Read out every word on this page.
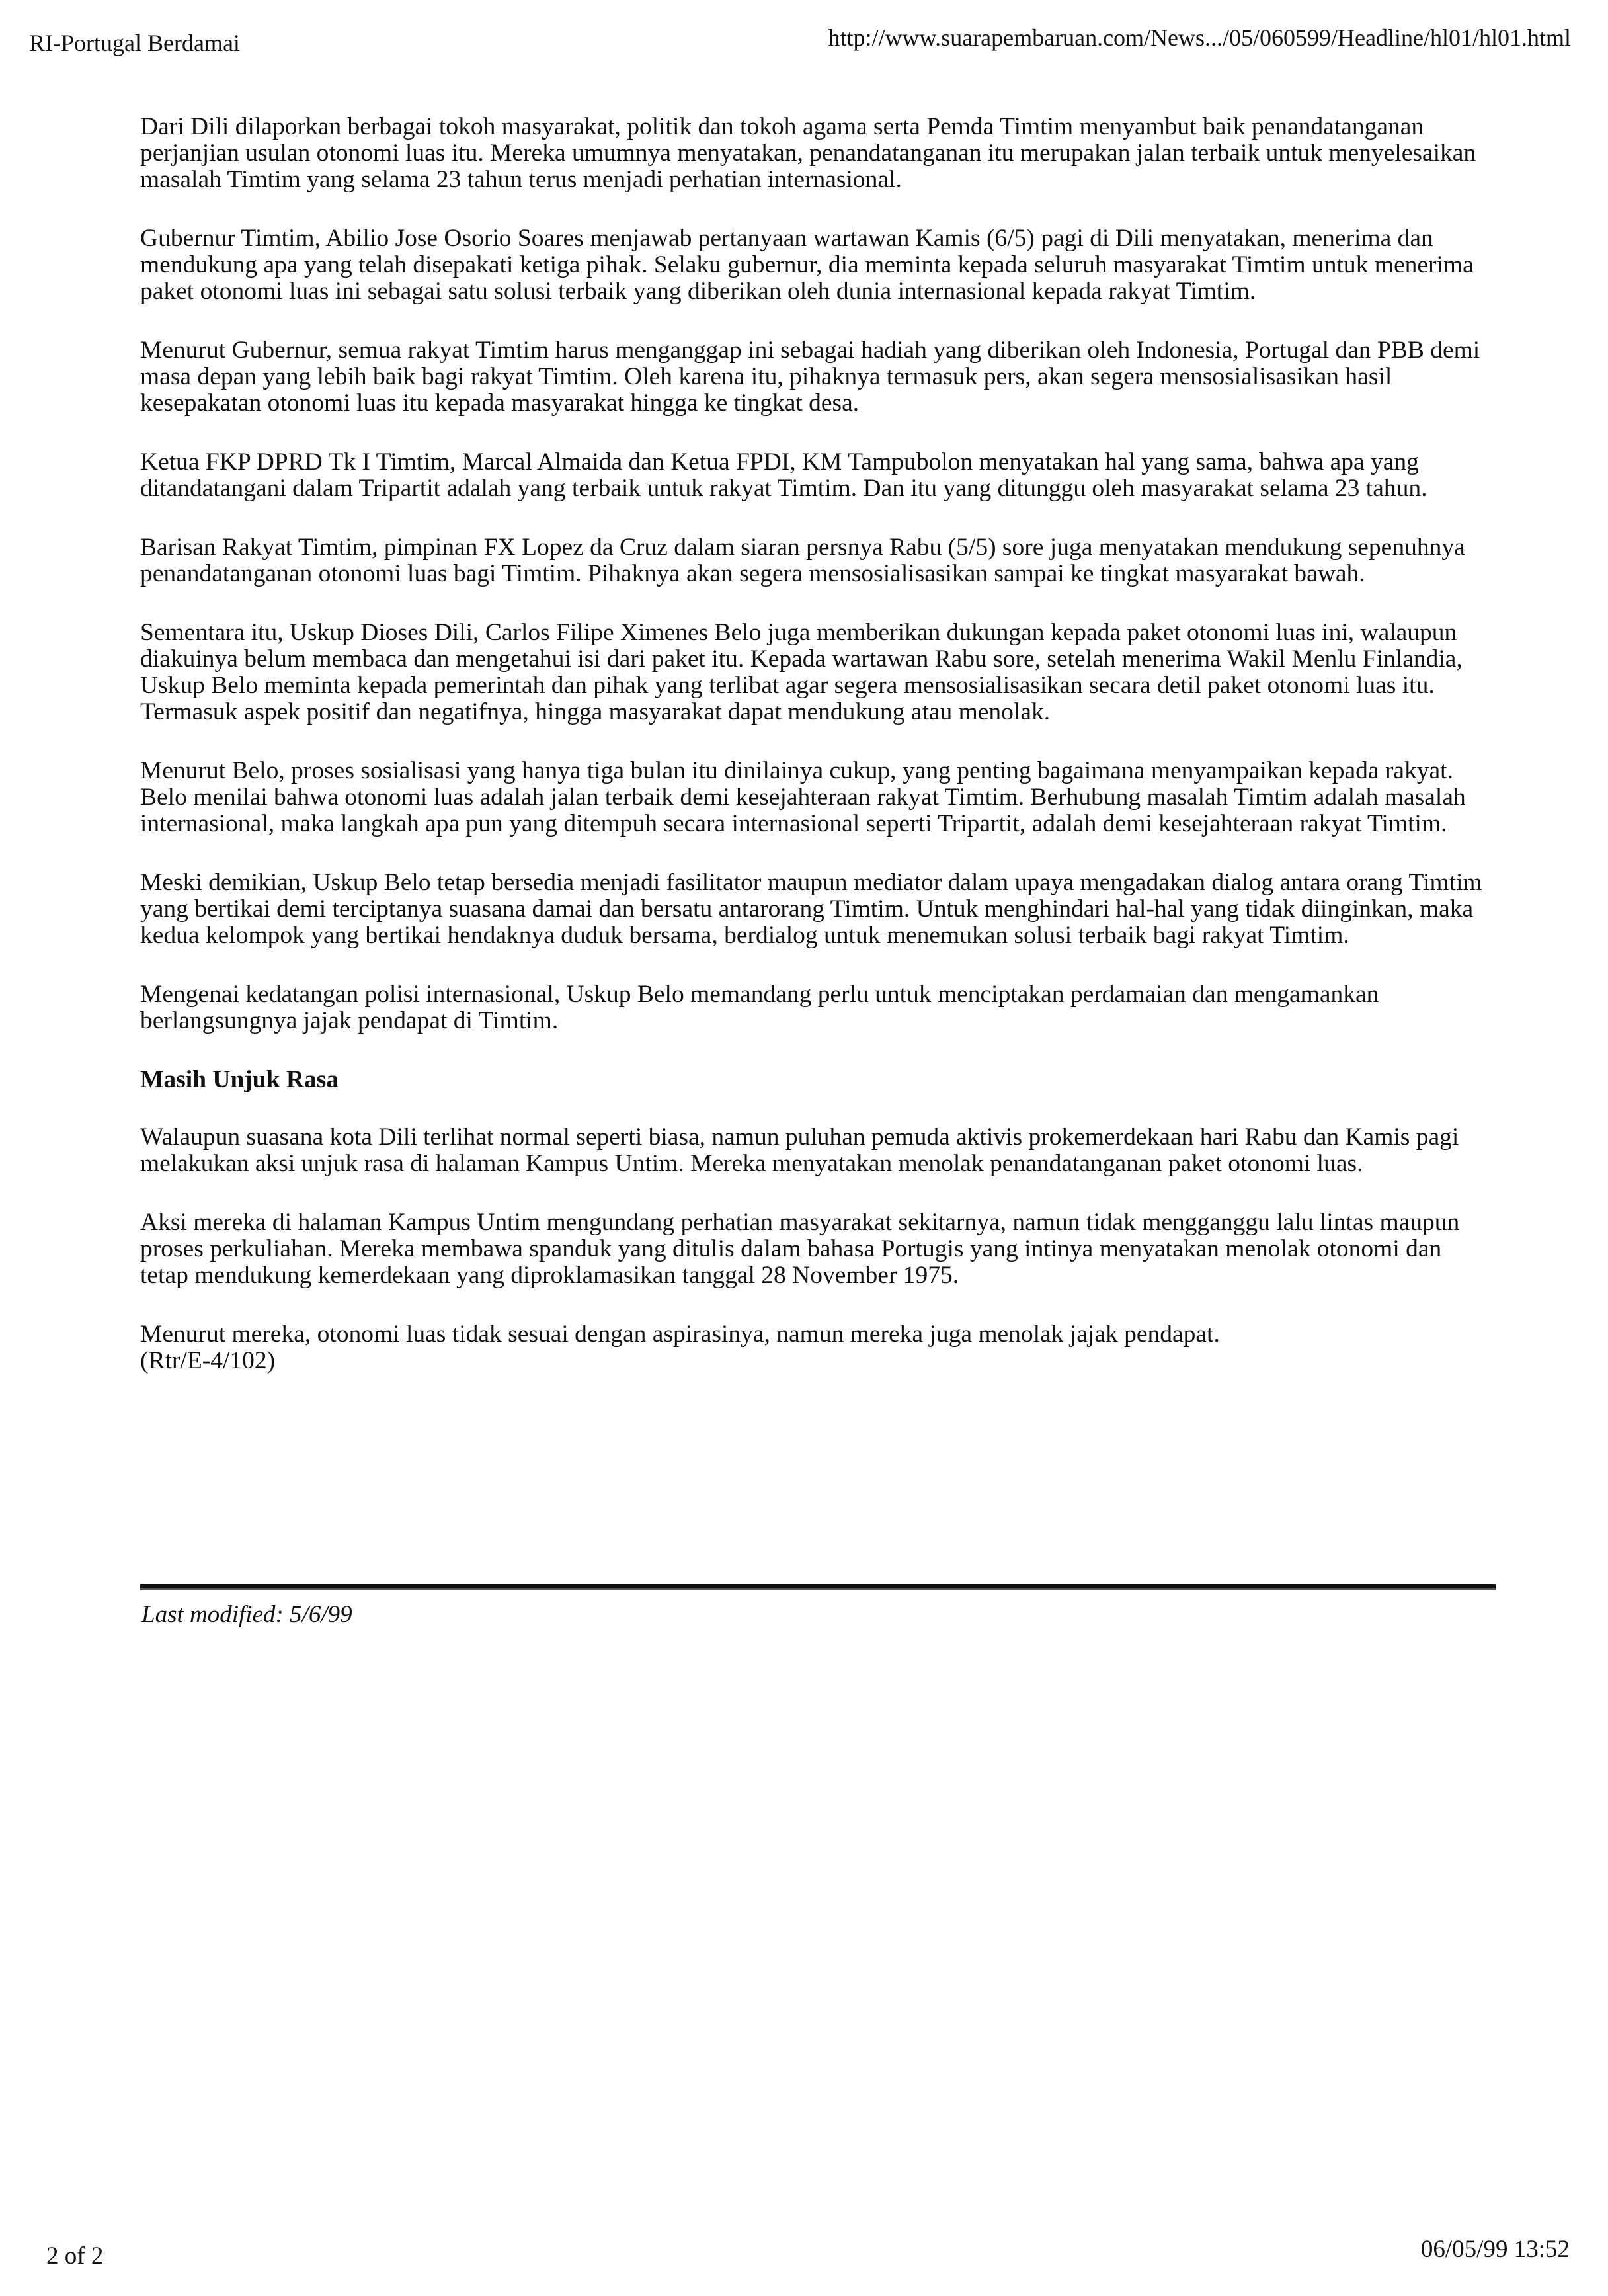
RI-Portugal Berdamai	http://www.suarapembaruan.com/News.../05/060599/Headline/hl01/hl01.html

Dari Dili dilaporkan berbagai tokoh masyarakat, politik dan tokoh agama serta Pemda Timtim menyambut baik penandatanganan perjanjian usulan otonomi luas itu. Mereka umumnya menyatakan, penandatanganan itu merupakan jalan terbaik untuk menyelesaikan masalah Timtim yang selama 23 tahun terus menjadi perhatian internasional.

Gubernur Timtim, Abilio Jose Osorio Soares menjawab pertanyaan wartawan Kamis (6/5) pagi di Dili menyatakan, menerima dan mendukung apa yang telah disepakati ketiga pihak. Selaku gubernur, dia meminta kepada seluruh masyarakat Timtim untuk menerima paket otonomi luas ini sebagai satu solusi terbaik yang diberikan oleh dunia internasional kepada rakyat Timtim.

Menurut Gubernur, semua rakyat Timtim harus menganggap ini sebagai hadiah yang diberikan oleh Indonesia, Portugal dan PBB demi masa depan yang lebih baik bagi rakyat Timtim. Oleh karena itu, pihaknya termasuk pers, akan segera mensosialisasikan hasil kesepakatan otonomi luas itu kepada masyarakat hingga ke tingkat desa.

Ketua FKP DPRD Tk I Timtim, Marcal Almaida dan Ketua FPDI, KM Tampubolon menyatakan hal yang sama, bahwa apa yang ditandatangani dalam Tripartit adalah yang terbaik untuk rakyat Timtim. Dan itu yang ditunggu oleh masyarakat selama 23 tahun.

Barisan Rakyat Timtim, pimpinan FX Lopez da Cruz dalam siaran persnya Rabu (5/5) sore juga menyatakan mendukung sepenuhnya penandatanganan otonomi luas bagi Timtim. Pihaknya akan segera mensosialisasikan sampai ke tingkat masyarakat bawah.

Sementara itu, Uskup Dioses Dili, Carlos Filipe Ximenes Belo juga memberikan dukungan kepada paket otonomi luas ini, walaupun diakuinya belum membaca dan mengetahui isi dari paket itu. Kepada wartawan Rabu sore, setelah menerima Wakil Menlu Finlandia, Uskup Belo meminta kepada pemerintah dan pihak yang terlibat agar segera mensosialisasikan secara detil paket otonomi luas itu. Termasuk aspek positif dan negatifnya, hingga masyarakat dapat mendukung atau menolak.

Menurut Belo, proses sosialisasi yang hanya tiga bulan itu dinilainya cukup, yang penting bagaimana menyampaikan kepada rakyat. Belo menilai bahwa otonomi luas adalah jalan terbaik demi kesejahteraan rakyat Timtim. Berhubung masalah Timtim adalah masalah internasional, maka langkah apa pun yang ditempuh secara internasional seperti Tripartit, adalah demi kesejahteraan rakyat Timtim.

Meski demikian, Uskup Belo tetap bersedia menjadi fasilitator maupun mediator dalam upaya mengadakan dialog antara orang Timtim yang bertikai demi terciptanya suasana damai dan bersatu antarorang Timtim. Untuk menghindari hal-hal yang tidak diinginkan, maka kedua kelompok yang bertikai hendaknya duduk bersama, berdialog untuk menemukan solusi terbaik bagi rakyat Timtim.

Mengenai kedatangan polisi internasional, Uskup Belo memandang perlu untuk menciptakan perdamaian dan mengamankan berlangsungnya jajak pendapat di Timtim.

Masih Unjuk Rasa

Walaupun suasana kota Dili terlihat normal seperti biasa, namun puluhan pemuda aktivis prokemerdekaan hari Rabu dan Kamis pagi melakukan aksi unjuk rasa di halaman Kampus Untim. Mereka menyatakan menolak penandatanganan paket otonomi luas.

Aksi mereka di halaman Kampus Untim mengundang perhatian masyarakat sekitarnya, namun tidak mengganggu lalu lintas maupun proses perkuliahan. Mereka membawa spanduk yang ditulis dalam bahasa Portugis yang intinya menyatakan menolak otonomi dan tetap mendukung kemerdekaan yang diproklamasikan tanggal 28 November 1975.

Menurut mereka, otonomi luas tidak sesuai dengan aspirasinya, namun mereka juga menolak jajak pendapat.
(Rtr/E-4/102)

Last modified: 5/6/99
2 of 2	06/05/99 13:52
